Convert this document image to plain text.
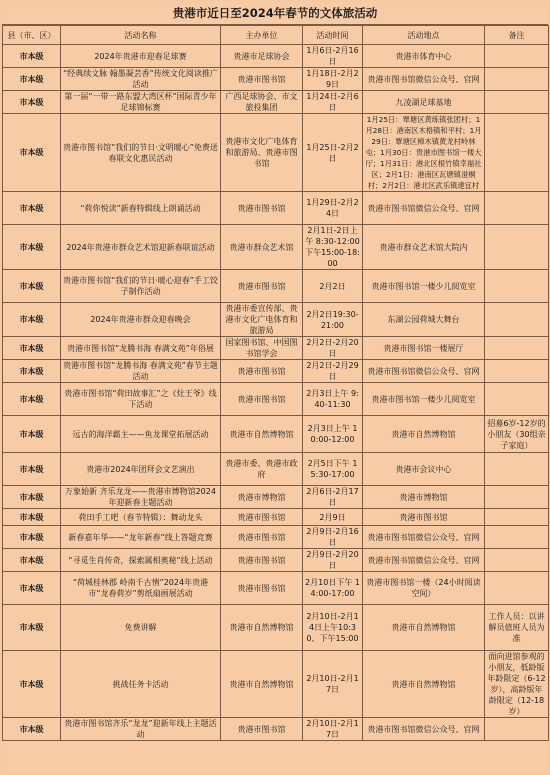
贵港市近日至2024年春节的文体旅活动
县（市、区）	活动名称	主办单位	活动时间	活动地点	备注
市本级	2024年贵港市迎春足球赛	贵港市足球协会	1月6日-2月16日	贵港市体育中心	
市本级	“经典续文脉 翰墨凝芸香”传统文化阅读推广活动	贵港市图书馆	1月18日-2月29日	贵港市图书馆微信公众号、官网	
市本级	第一届“一带一路东盟大湾区杯”国际青少年足球锦标赛	广西足球协会、市文旅投集团	1月24日-2月6日	九凌湖足球基地	
市本级	贵港市图书馆“我们的节日·文明暖心”免费送春联文化惠民活动	贵港市文化广电体育和旅游局、贵港市图书馆	1月25日-2月2日	1月25日：覃塘区黄练镇张团村；1月28日：港南区木格镇和平村；1月29日：覃塘区樟木镇黄龙村岭林屯；1月30日：贵港市图书馆一楼大厅；1月31日：港北区根竹镇幸福社区；2月1日：港南区瓦塘镇湴桐村；2月2日：港北区武乐镇達宜村	
市本级	“荷你悦读”新春特辑线上朗诵活动	贵港市图书馆	1月29日-2月24日	贵港市图书馆微信公众号、官网	
市本级	2024年贵港市群众艺术馆迎新春联谊活动	贵港市群众艺术馆	2月1日-2日上午 8:30-12:00 下午15:00-18:00	贵港市群众艺术馆大院内	
市本级	贵港市图书馆“我们的节日·暖心迎春”手工饺子制作活动	贵港市图书馆	2月2日	贵港市图书馆一楼少儿阅览室	
市本级	2024年贵港市群众迎春晚会	贵港市委宣传部、贵港市文化广电体育和旅游局	2月2日19:30-21:00	东湖公园荷城大舞台	
市本级	贵港市图书馆“龙腾书海 春满文苑”年俗展	国家图书馆、中国图书馆学会	2月2日-2月20日	贵港市图书馆一楼展厅	
市本级	贵港市图书馆“龙腾书海 春满文苑”春节主题活动	贵港市图书馆	2月2日-2月29日	贵港市图书馆微信公众号、官网	
市本级	贵港市图书馆“荷田故事汇”之《灶王爷》线下活动	贵港市图书馆	2月3日上午 9:40-11:30	贵港市图书馆一楼少儿阅览室	
市本级	远古的海洋霸主——鱼龙课堂拓展活动	贵港市自然博物馆	2月3日上午 10:00-12:00	贵港市自然博物馆	招募6岁-12岁的小朋友（30组亲子家庭）
市本级	贵港市2024年团拜会文艺演出	贵港市委、贵港市政府	2月5日下午 15:30-17:00	贵港市会议中心	
市本级	万象始新 齐乐龙龙——贵港市博物馆2024年迎新春主题活动	贵港市博物馆	2月6日-2月17日	贵港市博物馆	
市本级	荷田手工吧（春节特辑）：舞动龙头	贵港市图书馆	2月9日	贵港市图书馆	
市本级	新春嘉年华——“龙年新春”线上答题竞赛	贵港市图书馆	2月9日-2月16日	贵港市图书馆微信公众号、官网	
市本级	“寻觅生肖传奇，探索属相奥秘”线上活动	贵港市图书馆	2月9日-2月20日	贵港市图书馆微信公众号、官网	
市本级	“荷城桂林郡 岭南千古情”2024年贵港市“龙春荷岁”剪纸扇画展活动	贵港市图书馆	2月10日下午 14:00-17:00	贵港市图书馆一楼（24小时阅读空间）	
市本级	免费讲解	贵港市自然博物馆	2月10日-2月14日上午10:30、下午15:00	贵港市自然博物馆	工作人员：以讲解员值班人员为准
市本级	挑战任务卡活动	贵港市自然博物馆	2月10日-2月17日	贵港市自然博物馆	面向进馆参观的小朋友，低龄版年龄限定（6-12岁），高龄版年龄限定（12-18岁）
市本级	贵港市图书馆齐乐“龙龙”迎新年线上主题活动	贵港市图书馆	2月10日-2月17日	贵港市图书馆微信公众号、官网	
